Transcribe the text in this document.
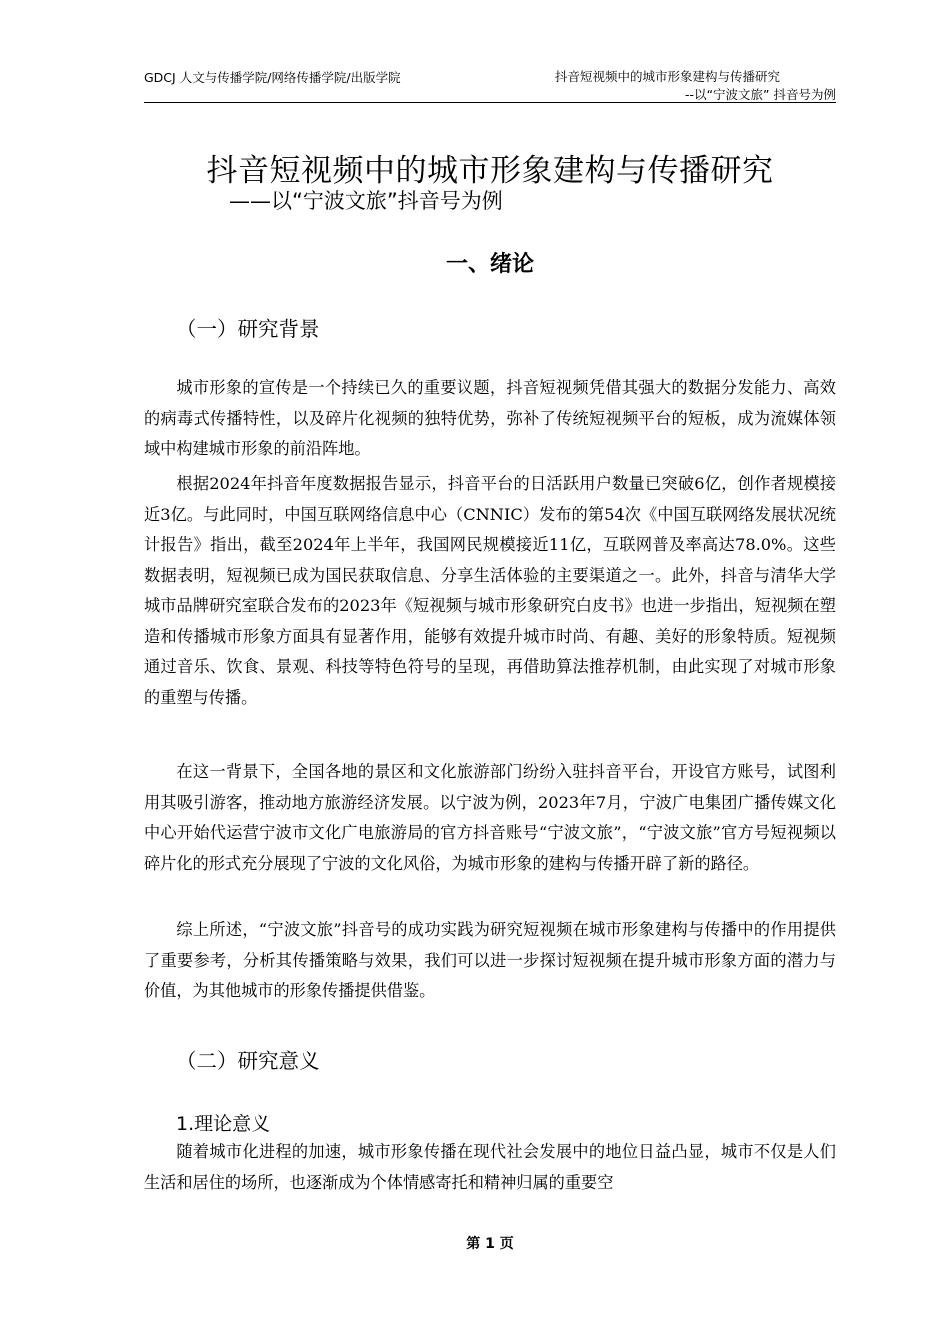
GDCJ 人文与传播学院/网络传播学院/出版学院	抖音短视频中的城市形象建构与传播研究
--以“宁波文旅” 抖音号为例
抖音短视频中的城市形象建构与传播研究
——以“宁波文旅”抖音号为例
一、绪论
（一）研究背景

城市形象的宣传是一个持续已久的重要议题，抖音短视频凭借其强大的数据分发能力、高效的病毒式传播特性，以及碎片化视频的独特优势，弥补了传统短视频平台的短板，成为流媒体领域中构建城市形象的前沿阵地。

根据2024年抖音年度数据报告显示，抖音平台的日活跃用户数量已突破6亿，创作者规模接近3亿。与此同时，中国互联网络信息中心（CNNIC）发布的第54次《中国互联网络发展状况统计报告》指出，截至2024年上半年，我国网民规模接近11亿，互联网普及率高达78.0%。这些数据表明，短视频已成为国民获取信息、分享生活体验的主要渠道之一。此外，抖音与清华大学城市品牌研究室联合发布的2023年《短视频与城市形象研究白皮书》也进一步指出，短视频在塑造和传播城市形象方面具有显著作用，能够有效提升城市时尚、有趣、美好的形象特质。短视频通过音乐、饮食、景观、科技等特色符号的呈现，再借助算法推荐机制，由此实现了对城市形象的重塑与传播。

在这一背景下，全国各地的景区和文化旅游部门纷纷入驻抖音平台，开设官方账号，试图利用其吸引游客，推动地方旅游经济发展。以宁波为例，2023年7月，宁波广电集团广播传媒文化中心开始代运营宁波市文化广电旅游局的官方抖音账号“宁波文旅”，“宁波文旅”官方号短视频以碎片化的形式充分展现了宁波的文化风俗，为城市形象的建构与传播开辟了新的路径。

综上所述，“宁波文旅”抖音号的成功实践为研究短视频在城市形象建构与传播中的作用提供了重要参考，分析其传播策略与效果，我们可以进一步探讨短视频在提升城市形象方面的潜力与价值，为其他城市的形象传播提供借鉴。

（二）研究意义
1.理论意义

随着城市化进程的加速，城市形象传播在现代社会发展中的地位日益凸显，城市不仅是人们生活和居住的场所，也逐渐成为个体情感寄托和精神归属的重要空

第 1 页
